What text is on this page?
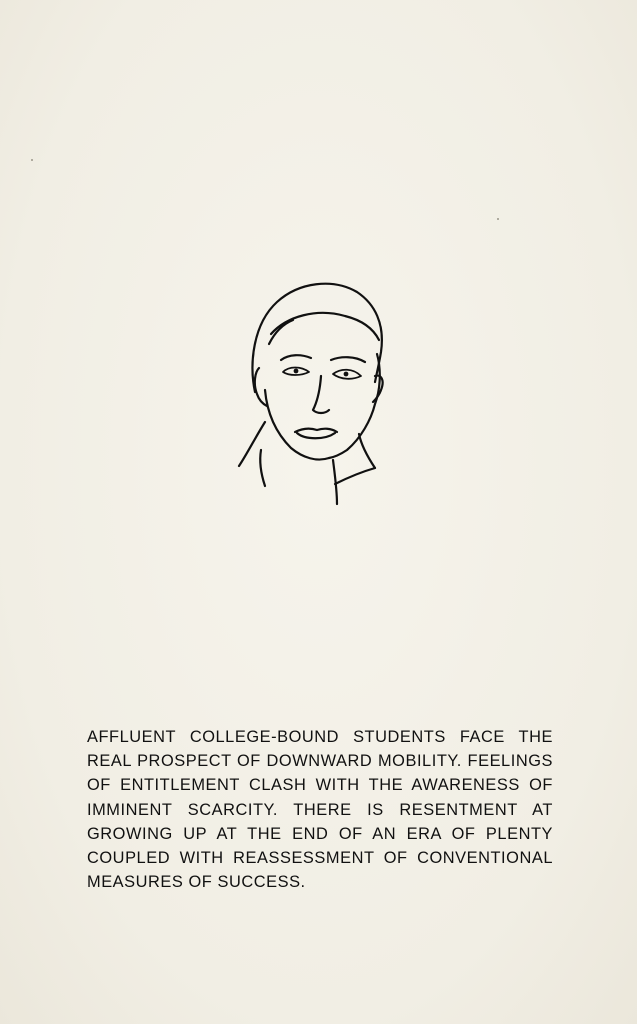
AFFLUENT COLLEGE-BOUND STUDENTS FACE THE REAL PROSPECT OF DOWNWARD MOBILITY. FEELINGS OF ENTITLEMENT CLASH WITH THE AWARENESS OF IMMINENT SCARCITY. THERE IS RESENTMENT AT GROWING UP AT THE END OF AN ERA OF PLENTY COUPLED WITH REASSESSMENT OF CONVENTIONAL MEASURES OF SUCCESS.
